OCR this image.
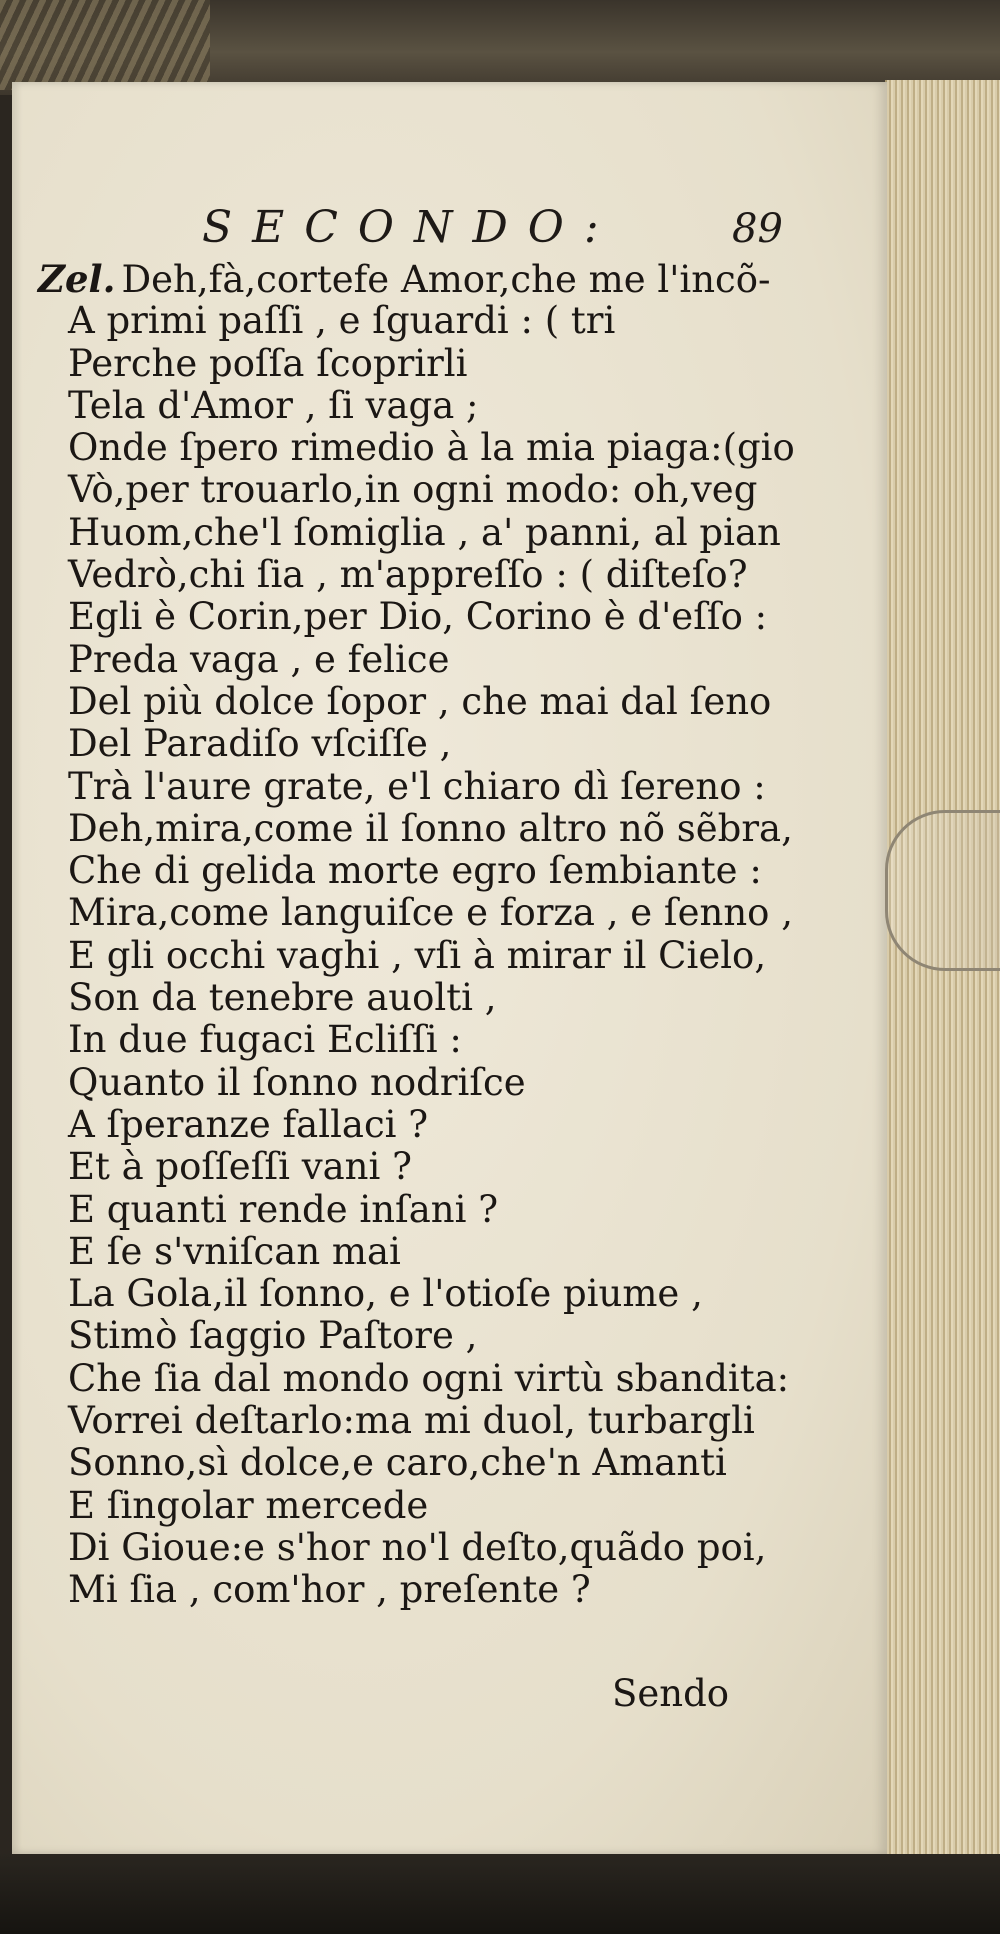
SECONDO:	89
Zel. Deh,fà,cortefe Amor,che me l'incõ-
A primi paſſi , e ſguardi : ( tri
Perche poſſa ſcoprirli
Tela d'Amor , ſi vaga ;
Onde ſpero rimedio à la mia piaga:(gio
Vò,per trouarlo,in ogni modo: oh,veg
Huom,che'l ſomiglia , a' panni, al pian
Vedrò,chi ſia , m'appreſſo : ( diſteſo?
Egli è Corin,per Dio, Corino è d'eſſo :
Preda vaga , e felice
Del più dolce ſopor , che mai dal ſeno
Del Paradiſo vſciſſe ,
Trà l'aure grate, e'l chiaro dì ſereno :
Deh,mira,come il ſonno altro nõ sẽbra,
Che di gelida morte egro ſembiante :
Mira,come languiſce e forza , e ſenno ,
E gli occhi vaghi , vſi à mirar il Cielo,
Son da tenebre auolti ,
In due fugaci Ecliſſi :
Quanto il ſonno nodriſce
A ſperanze fallaci ?
Et à poſſeſſi vani ?
E quanti rende inſani ?
E ſe s'vniſcan mai
La Gola,il ſonno, e l'otioſe piume ,
Stimò ſaggio Paſtore ,
Che ſia dal mondo ogni virtù sbandita:
Vorrei deſtarlo:ma mi duol, turbargli
Sonno,sì dolce,e caro,che'n Amanti
E ſingolar mercede
Di Gioue:e s'hor no'l deſto,quãdo poi,
Mi ſia , com'hor , preſente ?
Sendo
